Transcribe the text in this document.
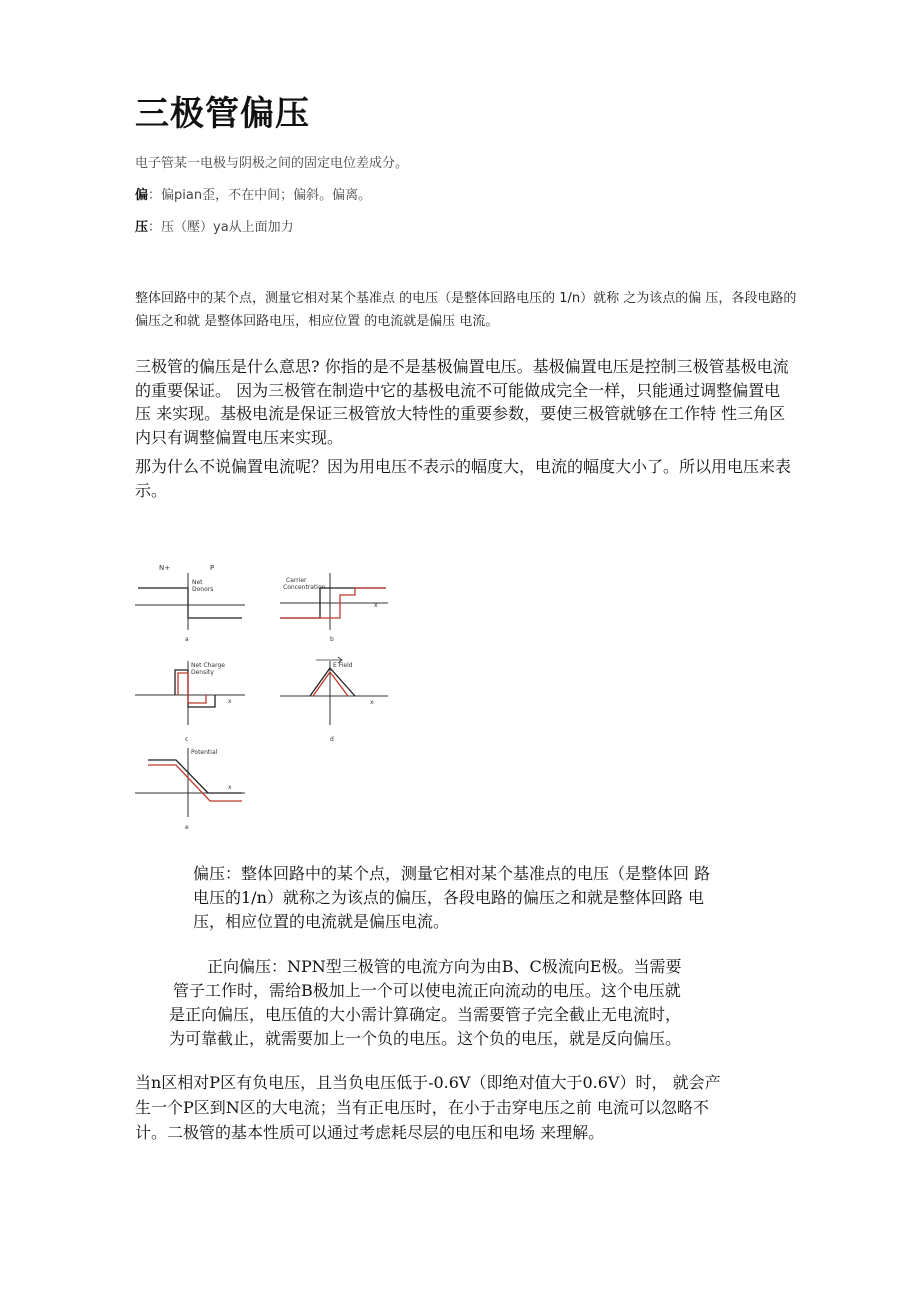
三极管偏压
电子管某一电极与阴极之间的固定电位差成分。
偏：偏pian歪，不在中间；偏斜。偏离。
压：压（壓）ya从上面加力

整体回路中的某个点，测量它相对某个基准点 的电压（是整体回路电压的 1/n）就称 之为该点的偏 压，各段电路的偏压之和就 是整体回路电压，相应位置 的电流就是偏压 电流。

三极管的偏压是什么意思? 你指的是不是基极偏置电压。基极偏置电压是控制三极管基极电流的重要保证。 因为三极管在制造中它的基极电流不可能做成完全一样，只能通过调整偏置电压 来实现。基极电流是保证三极管放大特性的重要参数，要使三极管就够在工作特 性三角区内只有调整偏置电压来实现。

那为什么不说偏置电流呢？因为用电压不表示的幅度大，电流的幅度大小了。所以用电压来表示。

N+	P
Net
Donors
a
Carrier
Concentration
x
b
Net Charge
Density
x
c
E Field
x
d
Potential
x
e
偏压：整体回路中的某个点，测量它相对某个基准点的电压（是整体回 路
电压的1/n）就称之为该点的偏压，各段电路的偏压之和就是整体回路 电
压，相应位置的电流就是偏压电流。
正向偏压：NPN型三极管的电流方向为由B、C极流向E极。当需要
管子工作时，需给B极加上一个可以使电流正向流动的电压。这个电压就
是正向偏压，电压值的大小需计算确定。当需要管子完全截止无电流时，
为可靠截止，就需要加上一个负的电压。这个负的电压，就是反向偏压。
当n区相对P区有负电压，且当负电压低于-0.6V（即绝对值大于0.6V）时， 就会产
生一个P区到N区的大电流；当有正电压时，在小于击穿电压之前 电流可以忽略不
计。二极管的基本性质可以通过考虑耗尽层的电压和电场 来理解。
